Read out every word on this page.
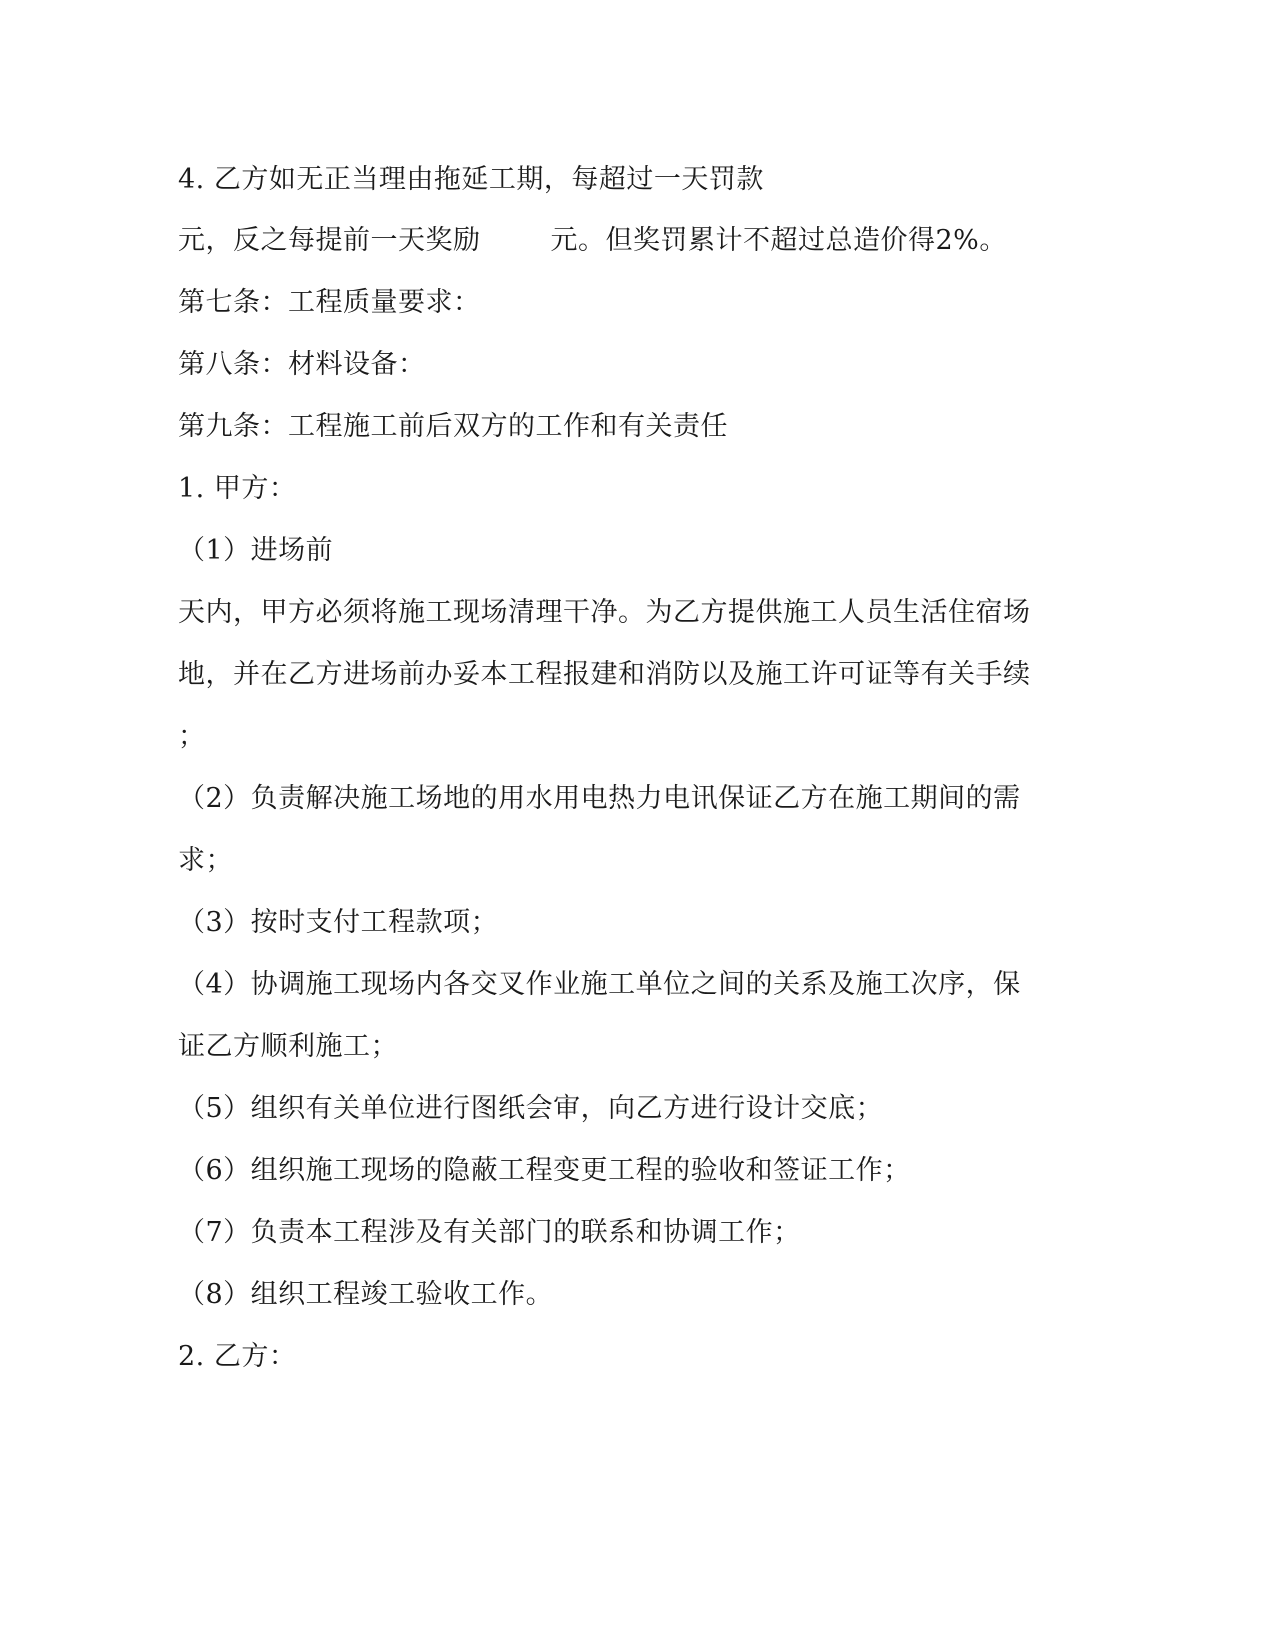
4. 乙方如无正当理由拖延工期，每超过一天罚款
元，反之每提前一天奖励	元。但奖罚累计不超过总造价得2%。
第七条：工程质量要求：
第八条：材料设备：
第九条：工程施工前后双方的工作和有关责任
1. 甲方：
（1）进场前
天内，甲方必须将施工现场清理干净。为乙方提供施工人员生活住宿场
地，并在乙方进场前办妥本工程报建和消防以及施工许可证等有关手续
；
（2）负责解决施工场地的用水用电热力电讯保证乙方在施工期间的需
求；
（3）按时支付工程款项；
（4）协调施工现场内各交叉作业施工单位之间的关系及施工次序，保
证乙方顺利施工；
（5）组织有关单位进行图纸会审，向乙方进行设计交底；
（6）组织施工现场的隐蔽工程变更工程的验收和签证工作；
（7）负责本工程涉及有关部门的联系和协调工作；
（8）组织工程竣工验收工作。
2. 乙方：
